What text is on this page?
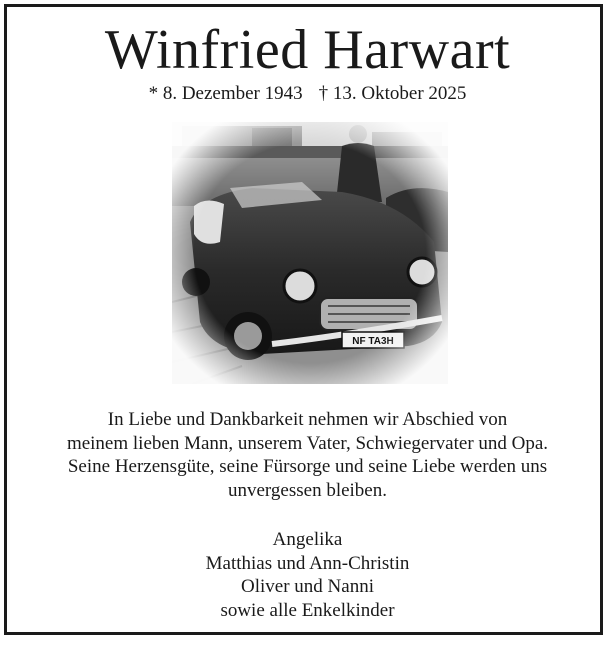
Winfried Harwart
* 8. Dezember 1943 † 13. Oktober 2025
In Liebe und Dankbarkeit nehmen wir Abschied von
meinem lieben Mann, unserem Vater, Schwiegervater und Opa.
Seine Herzensgüte, seine Fürsorge und seine Liebe werden uns
unvergessen bleiben.
Angelika
Matthias und Ann-Christin
Oliver und Nanni
sowie alle Enkelkinder
